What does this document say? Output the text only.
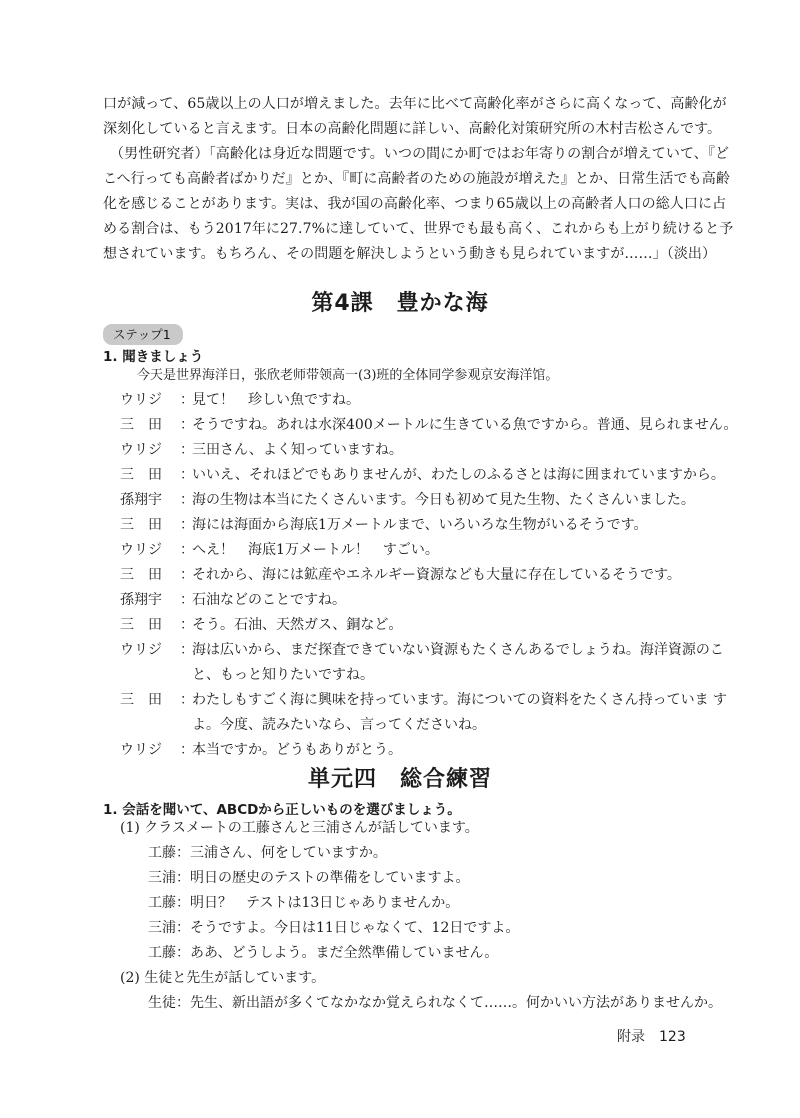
口が減って、65歳以上の人口が増えました。去年に比べて高齢化率がさらに高くなって、高齢化が
深刻化していると言えます。日本の高齢化問題に詳しい、高齢化対策研究所の木村吉松さんです。
（男性研究者）「高齢化は身近な問題です。いつの間にか町ではお年寄りの割合が増えていて、『ど
こへ行っても高齢者ばかりだ』とか、『町に高齢者のための施設が増えた』とか、日常生活でも高齢
化を感じることがあります。実は、我が国の高齢化率、つまり65歳以上の高齢者人口の総人口に占
める割合は、もう2017年に27.7%に達していて、世界でも最も高く、これからも上がり続けると予
想されています。もちろん、その問題を解決しようという動きも見られていますが……」（淡出）
第4課　豊かな海
ステップ1
1. 聞きましょう
今天是世界海洋日，张欣老师带领高一(3)班的全体同学参观京安海洋馆。
ウリジ ：見て！　珍しい魚ですね。
三　田 ：そうですね。あれは水深400メートルに生きている魚ですから。普通、見られません。
ウリジ ：三田さん、よく知っていますね。
三　田 ：いいえ、それほどでもありませんが、わたしのふるさとは海に囲まれていますから。
孫翔宇 ：海の生物は本当にたくさんいます。今日も初めて見た生物、たくさんいました。
三　田 ：海には海面から海底1万メートルまで、いろいろな生物がいるそうです。
ウリジ ：へえ！　海底1万メートル！　すごい。
三　田 ：それから、海には鉱産やエネルギー資源なども大量に存在しているそうです。
孫翔宇 ：石油などのことですね。
三　田 ：そう。石油、天然ガス、銅など。
ウリジ ：海は広いから、まだ探査できていない資源もたくさんあるでしょうね。海洋資源のこ
と、もっと知りたいですね。
三　田 ：わたしもすごく海に興味を持っています。海についての資料をたくさん持っていま す
よ。今度、読みたいなら、言ってくださいね。
ウリジ ：本当ですか。どうもありがとう。
単元四　総合練習
1. 会話を聞いて、ABCDから正しいものを選びましょう。
(1) クラスメートの工藤さんと三浦さんが話しています。
工藤：三浦さん、何をしていますか。
三浦：明日の歴史のテストの準備をしていますよ。
工藤：明日？　テストは13日じゃありませんか。
三浦：そうですよ。今日は11日じゃなくて、12日ですよ。
工藤：ああ、どうしよう。まだ全然準備していません。
(2) 生徒と先生が話しています。
生徒：先生、新出語が多くてなかなか覚えられなくて……。何かいい方法がありませんか。
附录 123
